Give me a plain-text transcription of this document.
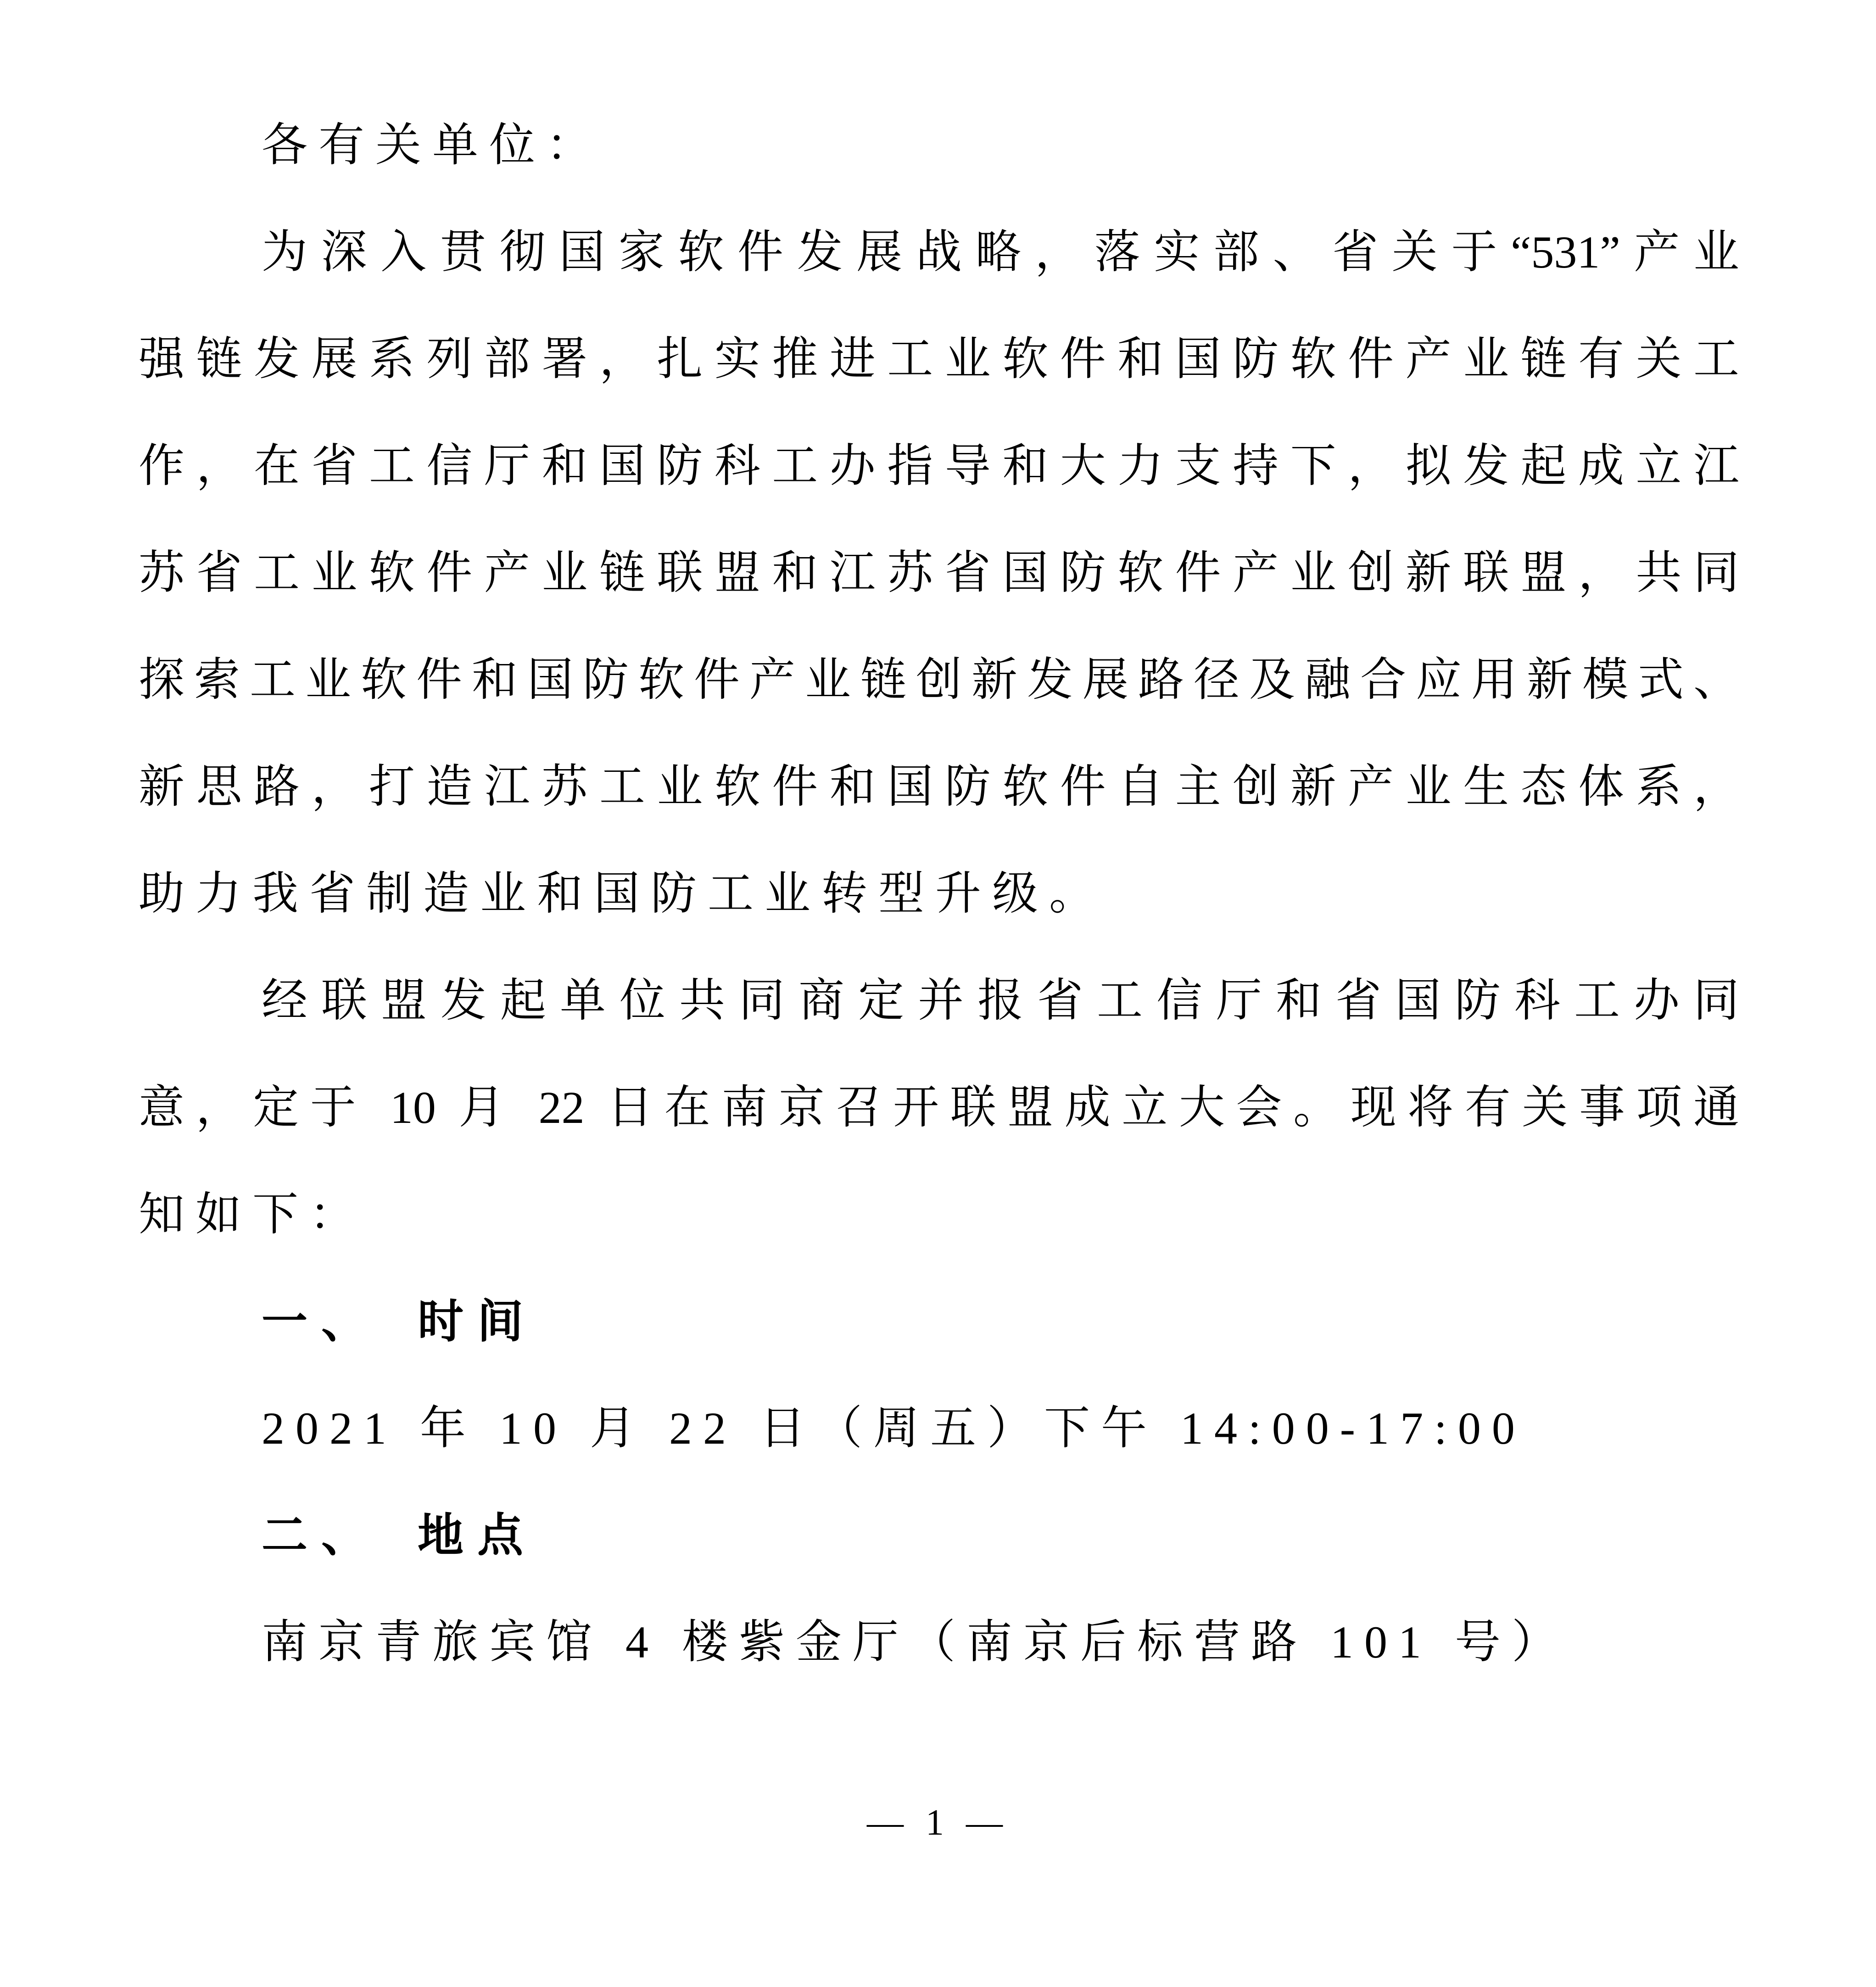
各有关单位：
为深入贯彻国家软件发展战略，落实部、省关于“531”产业
强链发展系列部署，扎实推进工业软件和国防软件产业链有关工
作，在省工信厅和国防科工办指导和大力支持下，拟发起成立江
苏省工业软件产业链联盟和江苏省国防软件产业创新联盟，共同
探索工业软件和国防软件产业链创新发展路径及融合应用新模式、
新思路，打造江苏工业软件和国防软件自主创新产业生态体系，
助力我省制造业和国防工业转型升级。
经联盟发起单位共同商定并报省工信厅和省国防科工办同
意，定于 10 月 22 日在南京召开联盟成立大会。现将有关事项通
知如下：
一、　时间
2021 年 10 月 22 日（周五）下午 14:00-17:00
二、　地点
南京青旅宾馆 4 楼紫金厅（南京后标营路 101 号）
— 1 —
